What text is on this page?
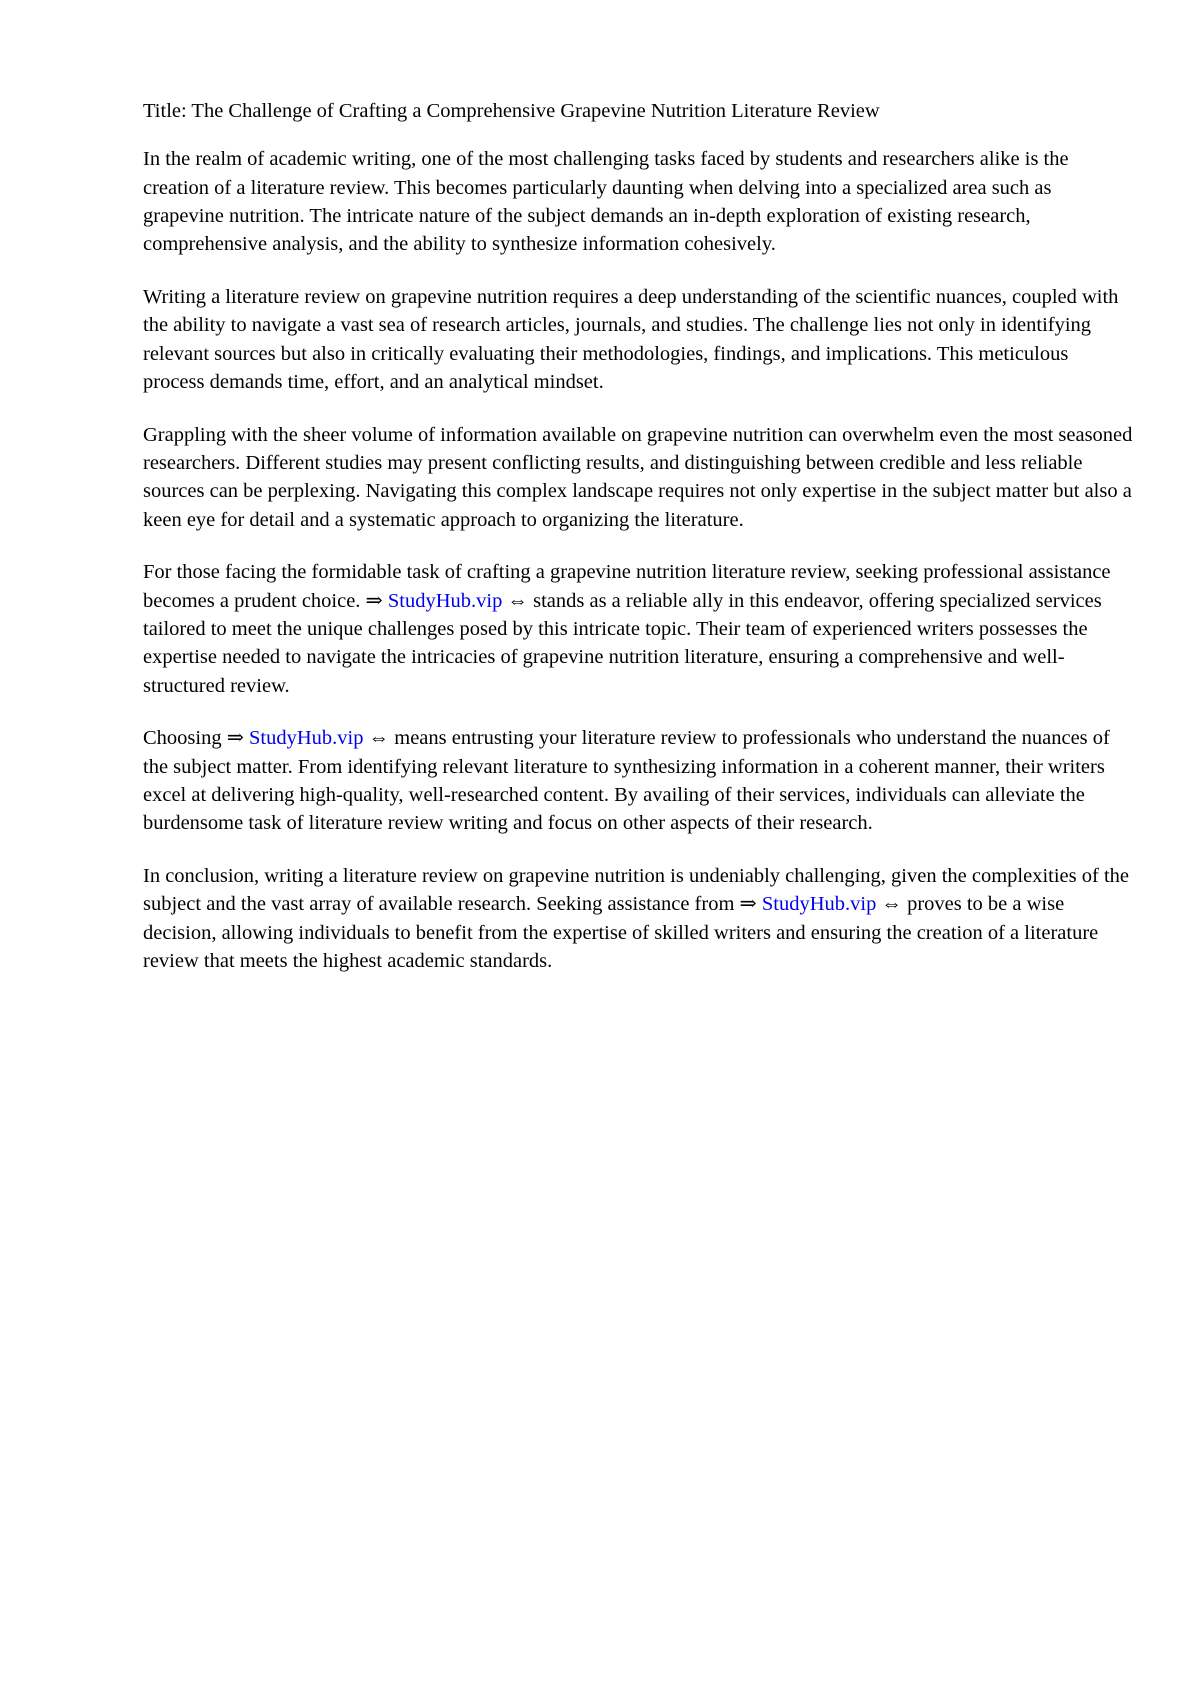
Title: The Challenge of Crafting a Comprehensive Grapevine Nutrition Literature Review

In the realm of academic writing, one of the most challenging tasks faced by students and researchers alike is the creation of a literature review. This becomes particularly daunting when delving into a specialized area such as grapevine nutrition. The intricate nature of the subject demands an in-depth exploration of existing research, comprehensive analysis, and the ability to synthesize information cohesively.

Writing a literature review on grapevine nutrition requires a deep understanding of the scientific nuances, coupled with the ability to navigate a vast sea of research articles, journals, and studies. The challenge lies not only in identifying relevant sources but also in critically evaluating their methodologies, findings, and implications. This meticulous process demands time, effort, and an analytical mindset.

Grappling with the sheer volume of information available on grapevine nutrition can overwhelm even the most seasoned researchers. Different studies may present conflicting results, and distinguishing between credible and less reliable sources can be perplexing. Navigating this complex landscape requires not only expertise in the subject matter but also a keen eye for detail and a systematic approach to organizing the literature.

For those facing the formidable task of crafting a grapevine nutrition literature review, seeking professional assistance becomes a prudent choice. ⇒ StudyHub.vip ⇔ stands as a reliable ally in this endeavor, offering specialized services tailored to meet the unique challenges posed by this intricate topic. Their team of experienced writers possesses the expertise needed to navigate the intricacies of grapevine nutrition literature, ensuring a comprehensive and well-structured review.

Choosing ⇒ StudyHub.vip ⇔ means entrusting your literature review to professionals who understand the nuances of the subject matter. From identifying relevant literature to synthesizing information in a coherent manner, their writers excel at delivering high-quality, well-researched content. By availing of their services, individuals can alleviate the burdensome task of literature review writing and focus on other aspects of their research.

In conclusion, writing a literature review on grapevine nutrition is undeniably challenging, given the complexities of the subject and the vast array of available research. Seeking assistance from ⇒ StudyHub.vip ⇔ proves to be a wise decision, allowing individuals to benefit from the expertise of skilled writers and ensuring the creation of a literature review that meets the highest academic standards.
